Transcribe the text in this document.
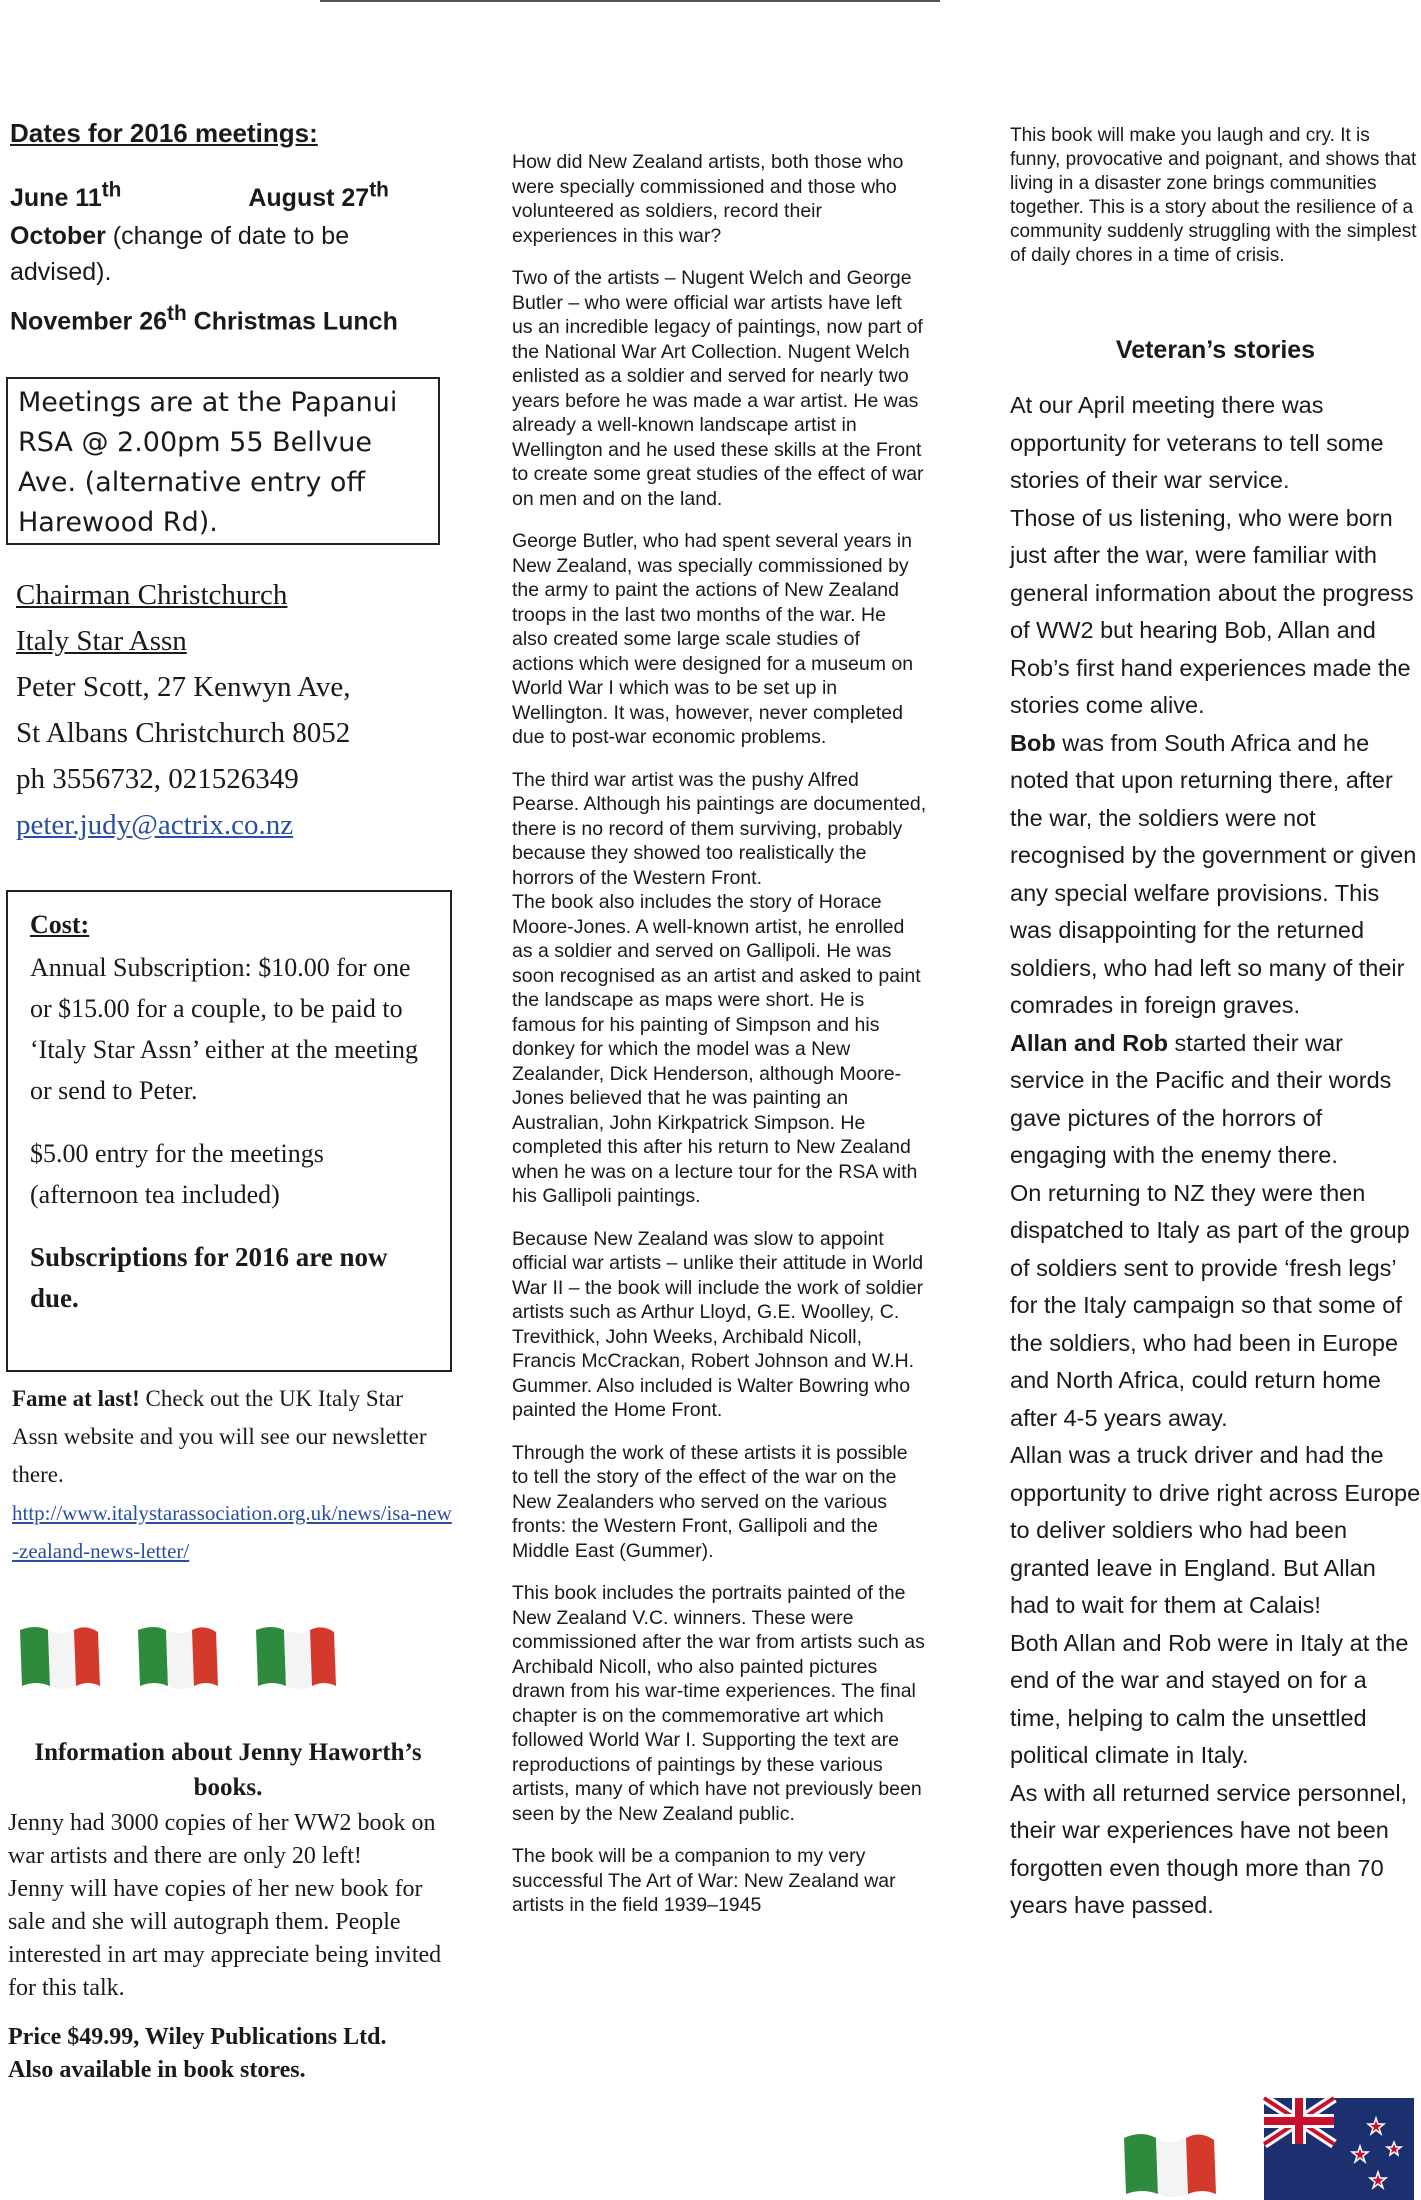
Dates for 2016 meetings:

June 11th	August 27th
October (change of date to be advised).
November 26th Christmas Lunch
Meetings are at the Papanui RSA @ 2.00pm 55 Bellvue Ave. (alternative entry off Harewood Rd).
Chairman Christchurch
Italy Star Assn
Peter Scott, 27 Kenwyn Ave,
St Albans Christchurch 8052
ph 3556732, 021526349
peter.judy@actrix.co.nz
Cost:

Annual Subscription: $10.00 for one or $15.00 for a couple, to be paid to ‘Italy Star Assn’ either at the meeting or send to Peter.

$5.00 entry for the meetings (afternoon tea included)

Subscriptions for 2016 are now due.

Fame at last! Check out the UK Italy Star Assn website and you will see our newsletter there.
http://www.italystarassociation.org.uk/news/isa-new-zealand-news-letter/
Information about Jenny Haworth’s books.

Jenny had 3000 copies of her WW2 book on war artists and there are only 20 left!

Jenny will have copies of her new book for sale and she will autograph them. People interested in art may appreciate being invited for this talk.

Price $49.99, Wiley Publications Ltd.
Also available in book stores.

How did New Zealand artists, both those who were specially commissioned and those who volunteered as soldiers, record their experiences in this war?

Two of the artists – Nugent Welch and George Butler – who were official war artists have left us an incredible legacy of paintings, now part of the National War Art Collection. Nugent Welch enlisted as a soldier and served for nearly two years before he was made a war artist. He was already a well-known landscape artist in Wellington and he used these skills at the Front to create some great studies of the effect of war on men and on the land.

George Butler, who had spent several years in New Zealand, was specially commissioned by the army to paint the actions of New Zealand troops in the last two months of the war. He also created some large scale studies of actions which were designed for a museum on World War I which was to be set up in Wellington. It was, however, never completed due to post-war economic problems.

The third war artist was the pushy Alfred Pearse. Although his paintings are documented, there is no record of them surviving, probably because they showed too realistically the horrors of the Western Front.

The book also includes the story of Horace Moore-Jones. A well-known artist, he enrolled as a soldier and served on Gallipoli. He was soon recognised as an artist and asked to paint the landscape as maps were short. He is famous for his painting of Simpson and his donkey for which the model was a New Zealander, Dick Henderson, although Moore-Jones believed that he was painting an Australian, John Kirkpatrick Simpson. He completed this after his return to New Zealand when he was on a lecture tour for the RSA with his Gallipoli paintings.

Because New Zealand was slow to appoint official war artists – unlike their attitude in World War II – the book will include the work of soldier artists such as Arthur Lloyd, G.E. Woolley, C. Trevithick, John Weeks, Archibald Nicoll, Francis McCrackan, Robert Johnson and W.H. Gummer. Also included is Walter Bowring who painted the Home Front.

Through the work of these artists it is possible to tell the story of the effect of the war on the New Zealanders who served on the various fronts: the Western Front, Gallipoli and the Middle East (Gummer).

This book includes the portraits painted of the New Zealand V.C. winners. These were commissioned after the war from artists such as Archibald Nicoll, who also painted pictures drawn from his war-time experiences. The final chapter is on the commemorative art which followed World War I. Supporting the text are reproductions of paintings by these various artists, many of which have not previously been seen by the New Zealand public.

The book will be a companion to my very successful The Art of War: New Zealand war artists in the field 1939–1945

This book will make you laugh and cry. It is funny, provocative and poignant, and shows that living in a disaster zone brings communities together. This is a story about the resilience of a community suddenly struggling with the simplest of daily chores in a time of crisis.
Veteran’s stories

At our April meeting there was opportunity for veterans to tell some stories of their war service.

Those of us listening, who were born just after the war, were familiar with general information about the progress of WW2 but hearing Bob, Allan and Rob’s first hand experiences made the stories come alive.

Bob was from South Africa and he noted that upon returning there, after the war, the soldiers were not recognised by the government or given any special welfare provisions. This was disappointing for the returned soldiers, who had left so many of their comrades in foreign graves.

Allan and Rob started their war service in the Pacific and their words gave pictures of the horrors of engaging with the enemy there.

On returning to NZ they were then dispatched to Italy as part of the group of soldiers sent to provide ‘fresh legs’ for the Italy campaign so that some of the soldiers, who had been in Europe and North Africa, could return home after 4-5 years away.

Allan was a truck driver and had the opportunity to drive right across Europe to deliver soldiers who had been granted leave in England. But Allan had to wait for them at Calais!

Both Allan and Rob were in Italy at the end of the war and stayed on for a time, helping to calm the unsettled political climate in Italy.

As with all returned service personnel, their war experiences have not been forgotten even though more than 70 years have passed.
